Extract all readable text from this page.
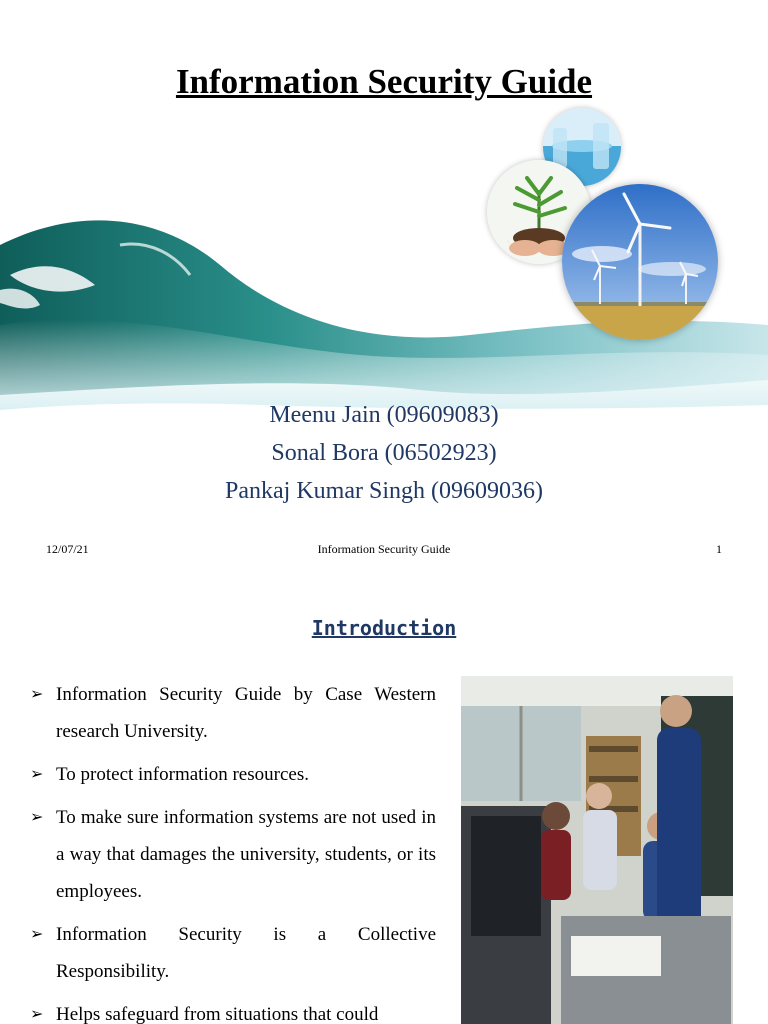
Information Security Guide
Meenu Jain (09609083)
Sonal Bora (06502923)
Pankaj Kumar Singh (09609036)
12/07/21	Information Security Guide	1
Introduction
➢ Information Security Guide by Case Western research University.
➢ To protect information resources.
➢ To make sure information systems are not used in a way that damages the university, students, or its employees.
➢ Information Security is a Collective Responsibility.
➢ Helps safeguard from situations that could
